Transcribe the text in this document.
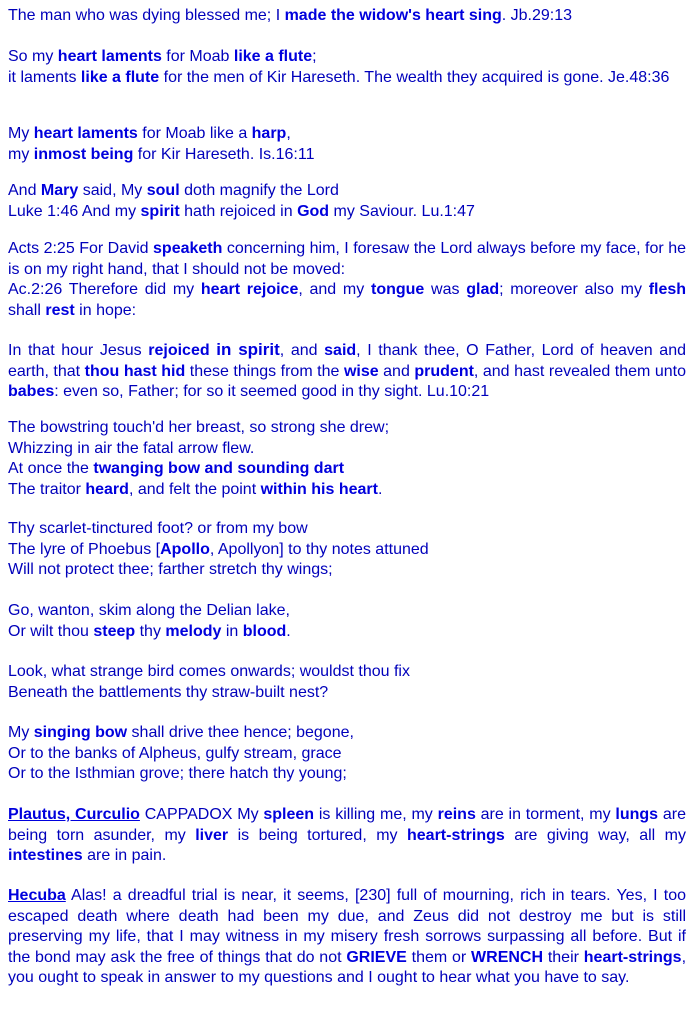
The man who was dying blessed me; I made the widow's heart sing. Jb.29:13

So my heart laments for Moab like a flute;
it laments like a flute for the men of Kir Hareseth. The wealth they acquired is gone. Je.48:36

My heart laments for Moab like a harp,
my inmost being for Kir Hareseth. Is.16:11

And Mary said, My soul doth magnify the Lord
Luke 1:46 And my spirit hath rejoiced in God my Saviour. Lu.1:47

Acts 2:25 For David speaketh concerning him, I foresaw the Lord always before my face, for he is on my right hand, that I should not be moved:
Ac.2:26 Therefore did my heart rejoice, and my tongue was glad; moreover also my flesh shall rest in hope:

In that hour Jesus rejoiced in spirit, and said, I thank thee, O Father, Lord of heaven and earth, that thou hast hid these things from the wise and prudent, and hast revealed them unto babes: even so, Father; for so it seemed good in thy sight. Lu.10:21

The bowstring touch'd her breast, so strong she drew;
Whizzing in air the fatal arrow flew.
At once the twanging bow and sounding dart
The traitor heard, and felt the point within his heart.

Thy scarlet-tinctured foot? or from my bow
The lyre of Phoebus [Apollo, Apollyon] to thy notes attuned
Will not protect thee; farther stretch thy wings;

Go, wanton, skim along the Delian lake,
Or wilt thou steep thy melody in blood.

Look, what strange bird comes onwards; wouldst thou fix
Beneath the battlements thy straw-built nest?

My singing bow shall drive thee hence; begone,
Or to the banks of Alpheus, gulfy stream, grace
Or to the Isthmian grove; there hatch thy young;

Plautus, Curculio CAPPADOX My spleen is killing me, my reins are in torment, my lungs are being torn asunder, my liver is being tortured, my heart-strings are giving way, all my intestines are in pain.

Hecuba Alas! a dreadful trial is near, it seems, [230] full of mourning, rich in tears. Yes, I too escaped death where death had been my due, and Zeus did not destroy me but is still preserving my life, that I may witness in my misery fresh sorrows surpassing all before. But if the bond may ask the free of things that do not GRIEVE them or WRENCH their heart-strings, you ought to speak in answer to my questions and I ought to hear what you have to say.
